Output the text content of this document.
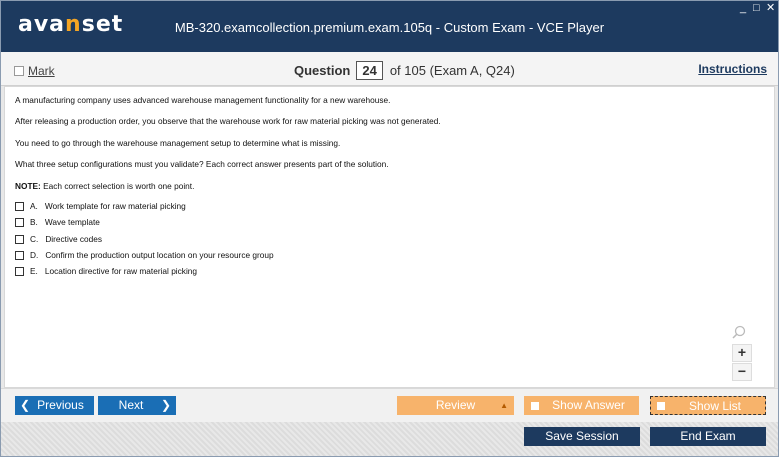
avanset	MB-320.examcollection.premium.exam.105q - Custom Exam - VCE Player
_ □ ✕
Mark	Question 24	of 105 (Exam A, Q24)	Instructions

A manufacturing company uses advanced warehouse management functionality for a new warehouse.

After releasing a production order, you observe that the warehouse work for raw material picking was not generated.

You need to go through the warehouse management setup to determine what is missing.

What three setup configurations must you validate? Each correct answer presents part of the solution.

NOTE: Each correct selection is worth one point.

A. Work template for raw material picking
B. Wave template
C. Directive codes
D. Confirm the production output location on your resource group
E. Location directive for raw material picking
+
−
❮ Previous	Next ❯	Review	▲	Show Answer	Show List
Save Session	End Exam
